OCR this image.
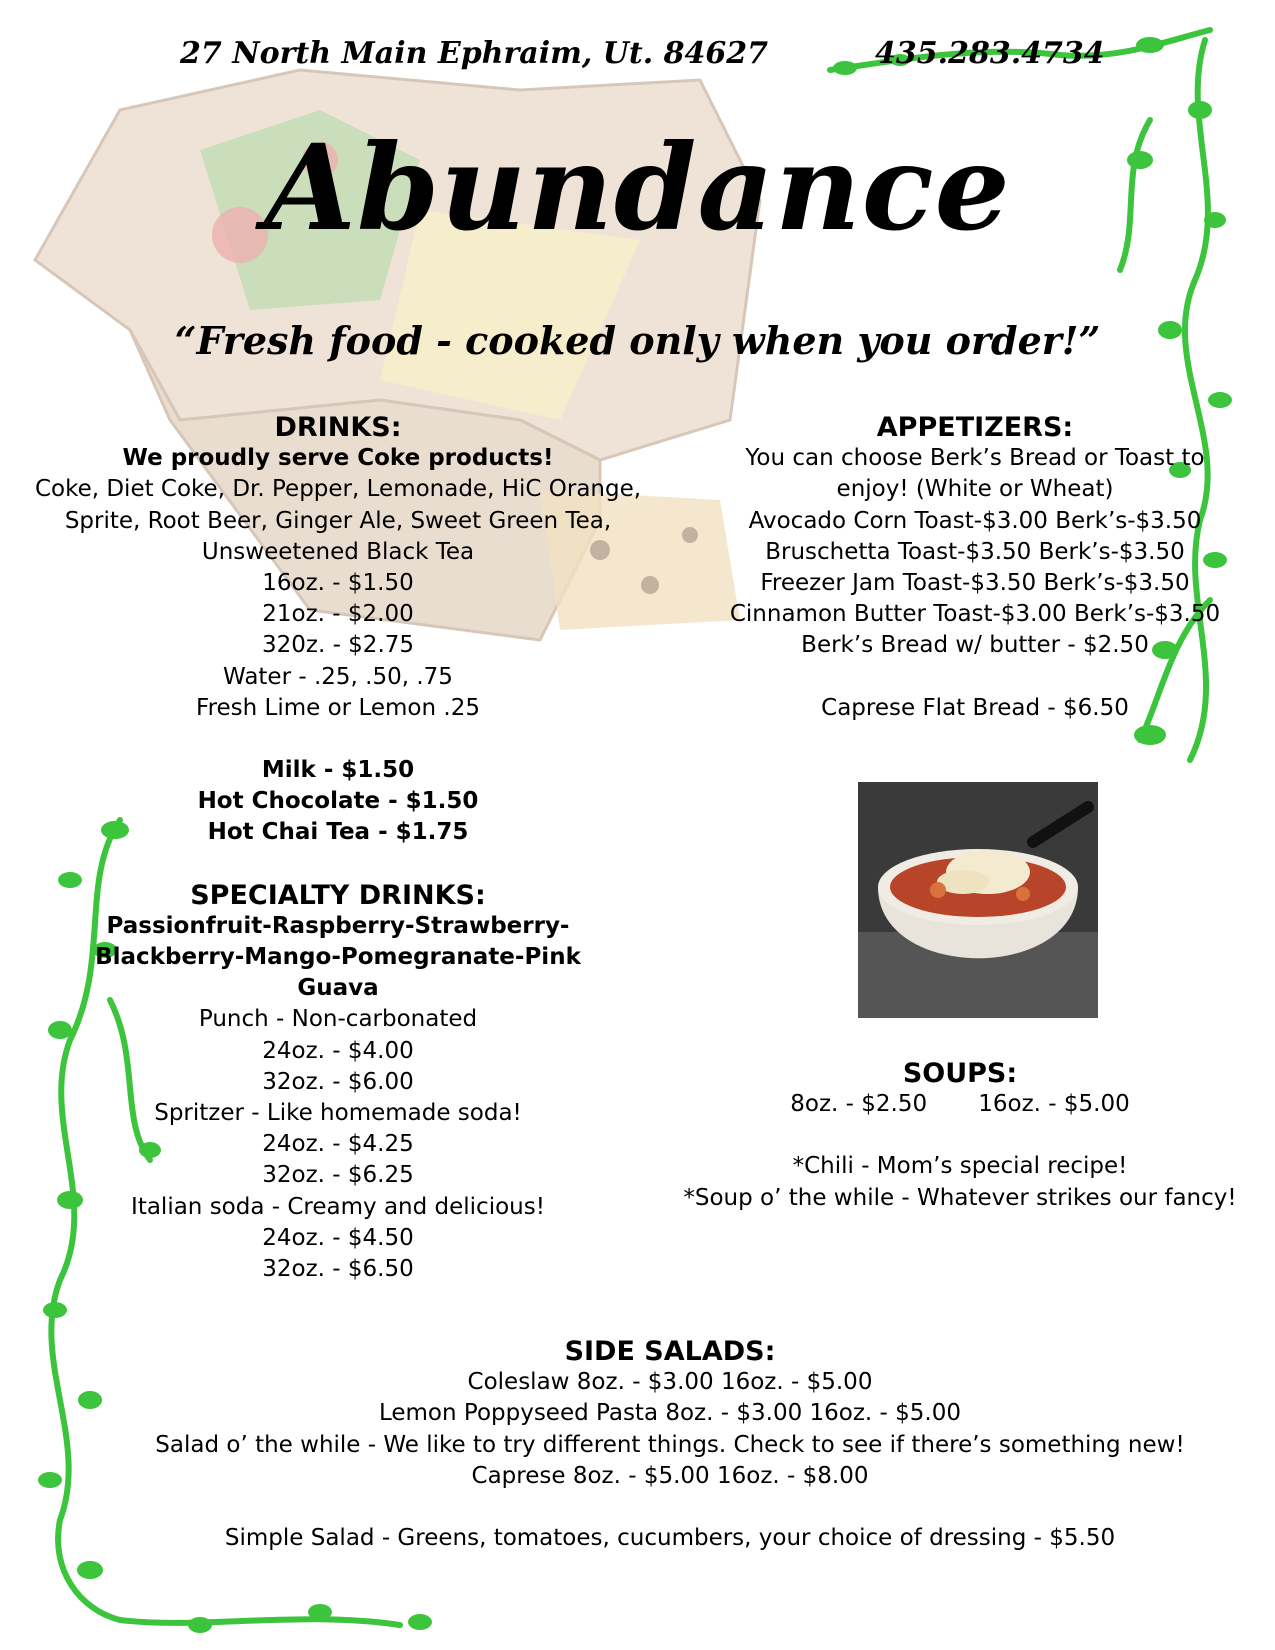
27 North Main Ephraim, Ut. 84627	435.283.4734
Abundance
“Fresh food - cooked only when you order!”
DRINKS:
We proudly serve Coke products!
Coke, Diet Coke, Dr. Pepper, Lemonade, HiC Orange,
Sprite, Root Beer, Ginger Ale, Sweet Green Tea,
Unsweetened Black Tea
16oz. - $1.50
21oz. - $2.00
320z. - $2.75
Water - .25, .50, .75
Fresh Lime or Lemon .25
Milk - $1.50
Hot Chocolate - $1.50
Hot Chai Tea - $1.75
SPECIALTY DRINKS:
Passionfruit-Raspberry-Strawberry-
Blackberry-Mango-Pomegranate-Pink
Guava
Punch - Non-carbonated
24oz. - $4.00
32oz. - $6.00
Spritzer - Like homemade soda!
24oz. - $4.25
32oz. - $6.25
Italian soda - Creamy and delicious!
24oz. - $4.50
32oz. - $6.50
APPETIZERS:
You can choose Berk’s Bread or Toast to
enjoy! (White or Wheat)
Avocado Corn Toast-$3.00 Berk’s-$3.50
Bruschetta Toast-$3.50 Berk’s-$3.50
Freezer Jam Toast-$3.50 Berk’s-$3.50
Cinnamon Butter Toast-$3.00 Berk’s-$3.50
Berk’s Bread w/ butter - $2.50
Caprese Flat Bread - $6.50
SOUPS:
8oz. - $2.50       16oz. - $5.00
*Chili - Mom’s special recipe!
*Soup o’ the while - Whatever strikes our fancy!
SIDE SALADS:
Coleslaw 8oz. - $3.00 16oz. - $5.00
Lemon Poppyseed Pasta 8oz. - $3.00 16oz. - $5.00
Salad o’ the while - We like to try different things. Check to see if there’s something new!
Caprese 8oz. - $5.00 16oz. - $8.00
Simple Salad - Greens, tomatoes, cucumbers, your choice of dressing - $5.50
